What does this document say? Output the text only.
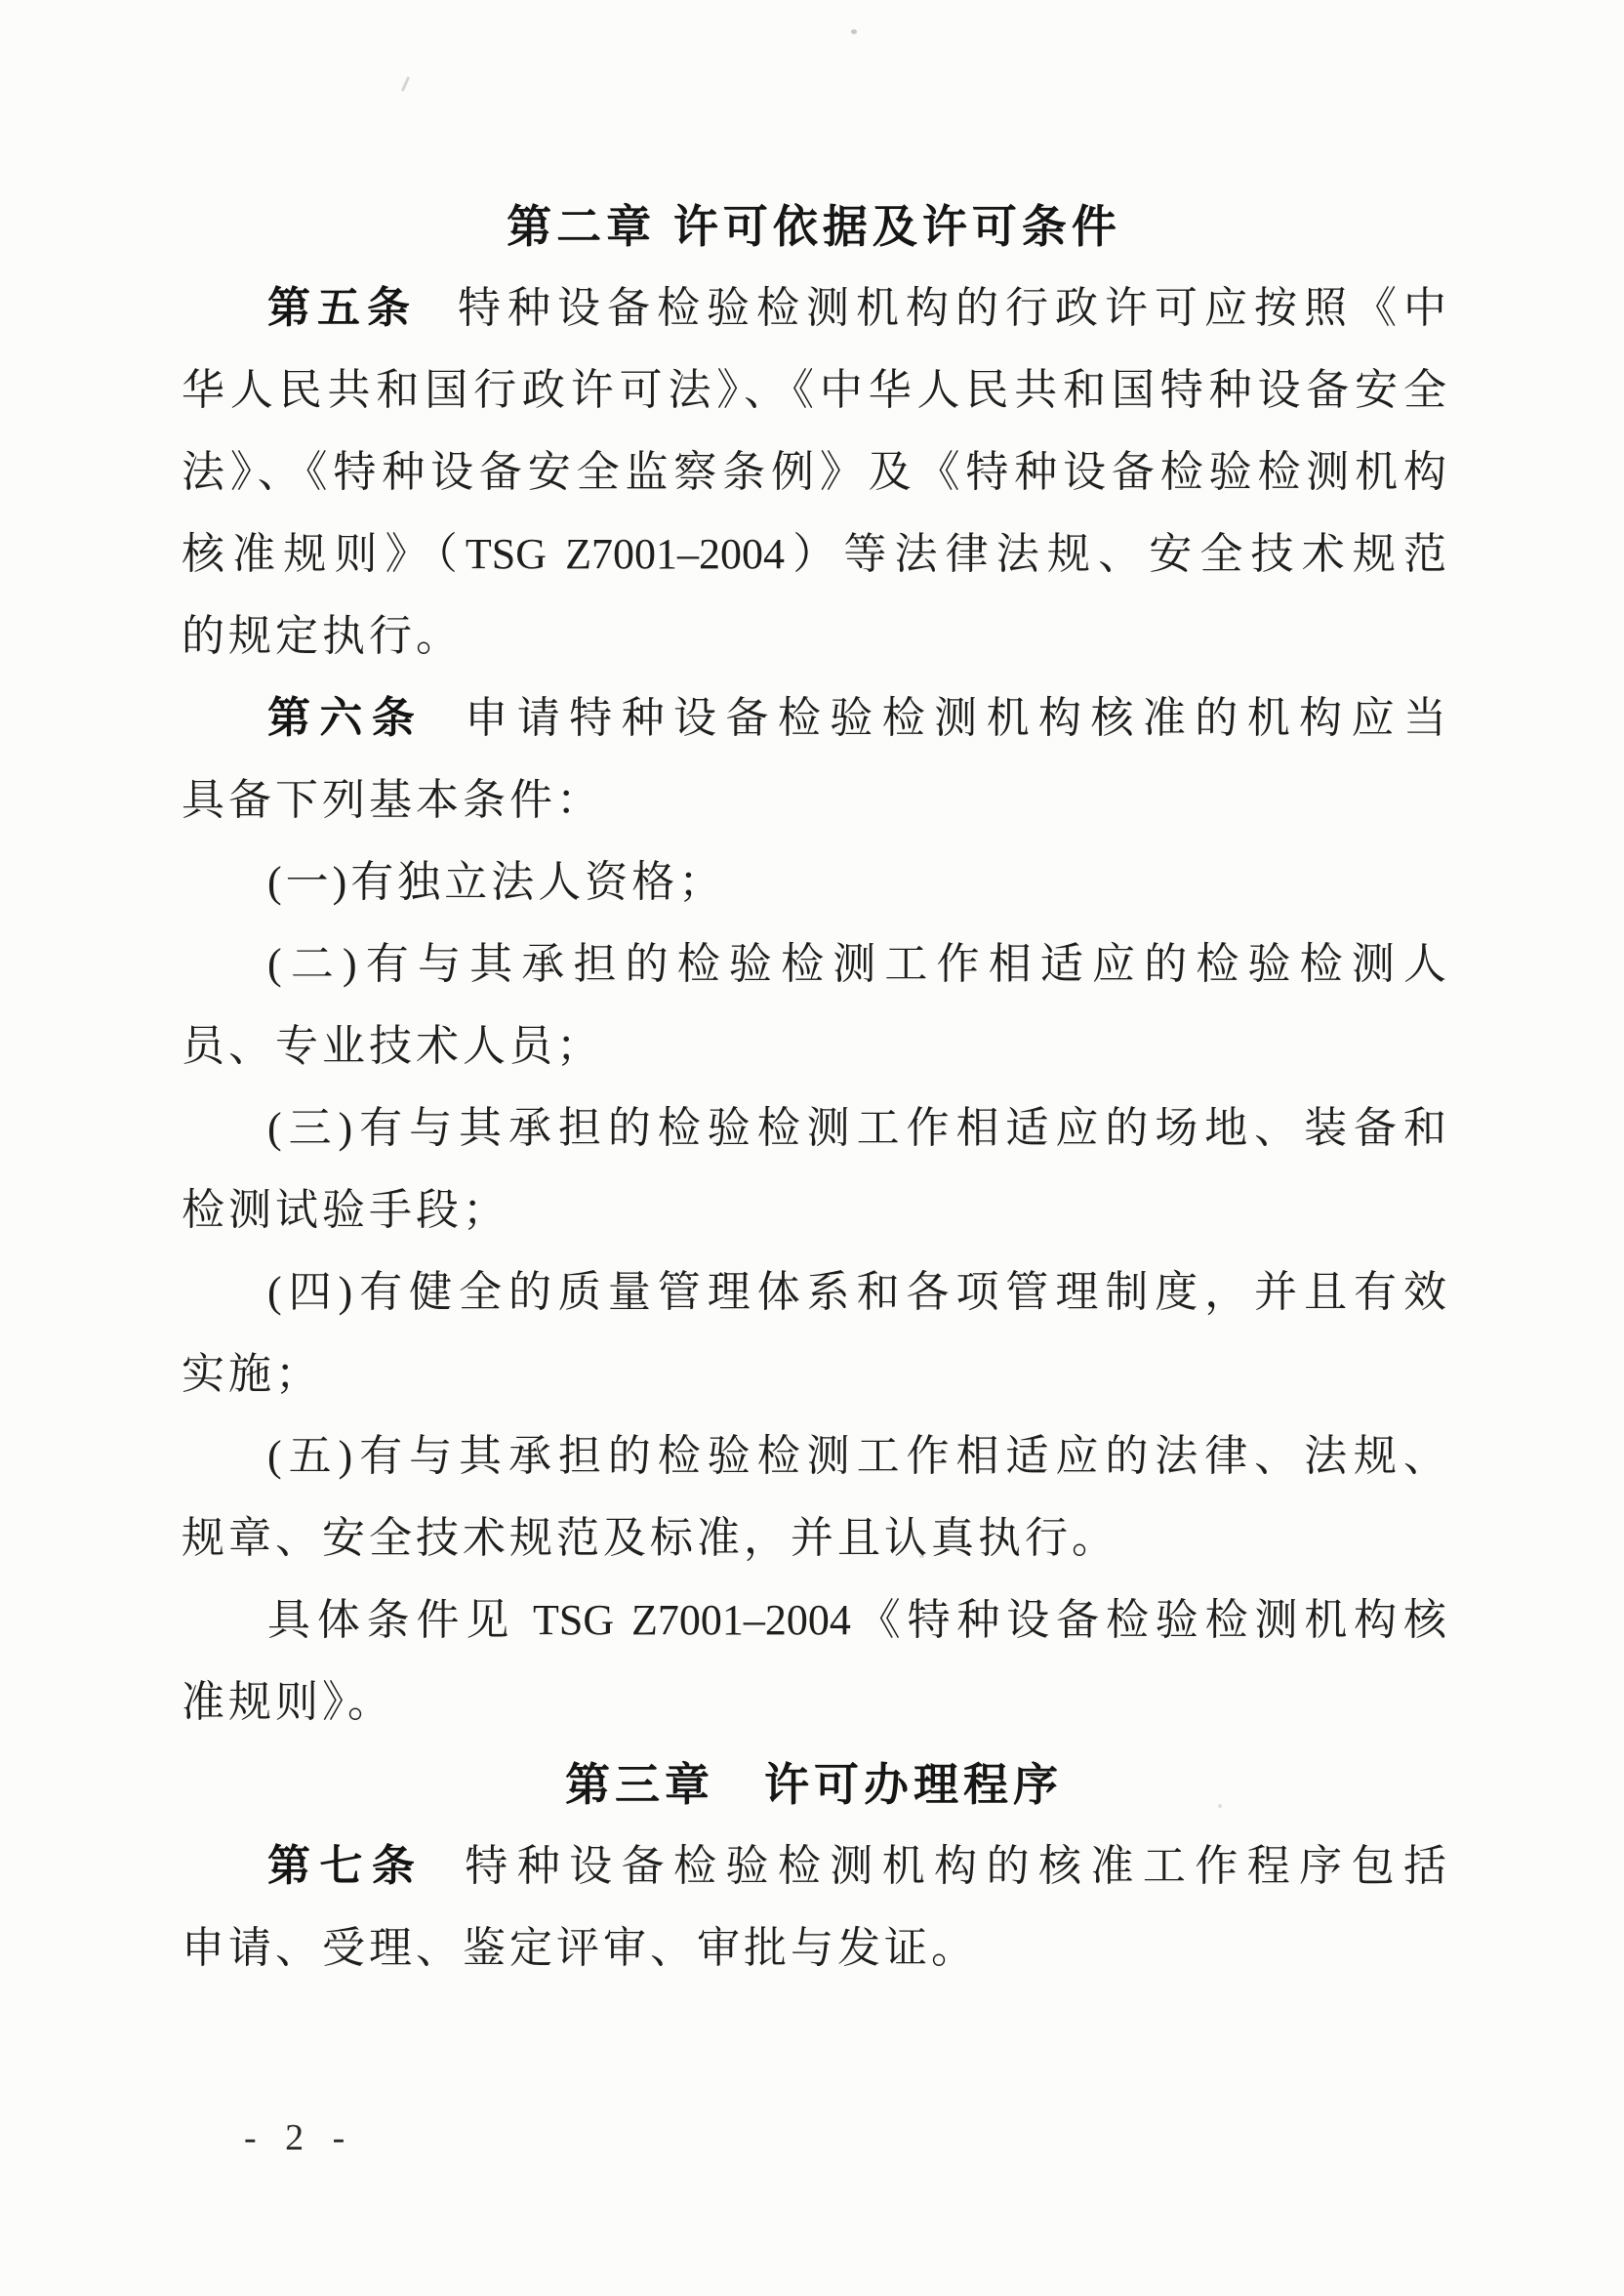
第二章 许可依据及许可条件
第五条 特种设备检验检测机构的行政许可应按照《中
华人民共和国行政许可法》、《中华人民共和国特种设备安全
法》、《特种设备安全监察条例》及《特种设备检验检测机构
核准规则》（TSG Z7001–2004）等法律法规、安全技术规范
的规定执行。
第六条 申请特种设备检验检测机构核准的机构应当
具备下列基本条件：
(一)有独立法人资格；
(二)有与其承担的检验检测工作相适应的检验检测人
员、专业技术人员；
(三)有与其承担的检验检测工作相适应的场地、装备和
检测试验手段；
(四)有健全的质量管理体系和各项管理制度，并且有效
实施；
(五)有与其承担的检验检测工作相适应的法律、法规、
规章、安全技术规范及标准，并且认真执行。
具体条件见 TSG Z7001–2004《特种设备检验检测机构核
准规则》。
第三章　许可办理程序
第七条 特种设备检验检测机构的核准工作程序包括
申请、受理、鉴定评审、审批与发证。
- 2 -
